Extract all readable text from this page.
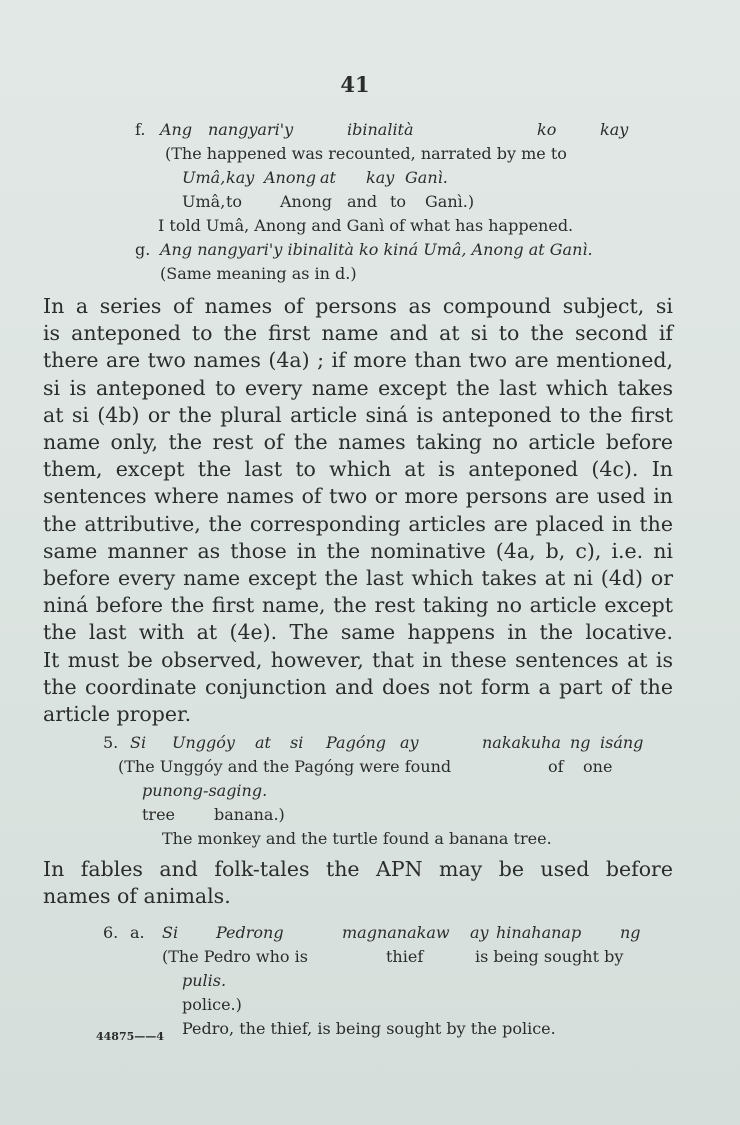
41
f. Ang nangyari'y	ibinalità	ko	kay
(The happened was recounted, narrated by me to
Umâ, kay Anong at kay Ganì.
Umâ, to Anong and to Ganì.)
I told Umâ, Anong and Ganì of what has happened.
g. Ang nangyari'y ibinalità ko kiná Umâ, Anong at Ganì.
(Same meaning as in d.)
In a series of names of persons as compound subject, si
is anteponed to the first name and at si to the second if
there are two names (4a) ; if more than two are mentioned,
si is anteponed to every name except the last which takes
at si (4b) or the plural article siná is anteponed to the first
name only, the rest of the names taking no article before
them, except the last to which at is anteponed (4c). In
sentences where names of two or more persons are used in
the attributive, the corresponding articles are placed in the
same manner as those in the nominative (4a, b, c), i.e. ni
before every name except the last which takes at ni (4d) or
niná before the first name, the rest taking no article except
the last with at (4e). The same happens in the locative.
It must be observed, however, that in these sentences at is
the coordinate conjunction and does not form a part of the
article proper.
5. Si Unggóy at si Pagóng ay	nakakuha ng isáng
(The Unggóy and the Pagóng were found	of one
punong-saging.
tree banana.)
The monkey and the turtle found a banana tree.
In fables and folk-tales the APN may be used before
names of animals.
6. a. Si Pedrong	magnanakaw ay hinahanap ng
(The Pedro who is	thief	is being sought by
pulis.
police.)
Pedro, the thief, is being sought by the police.
44875——4
